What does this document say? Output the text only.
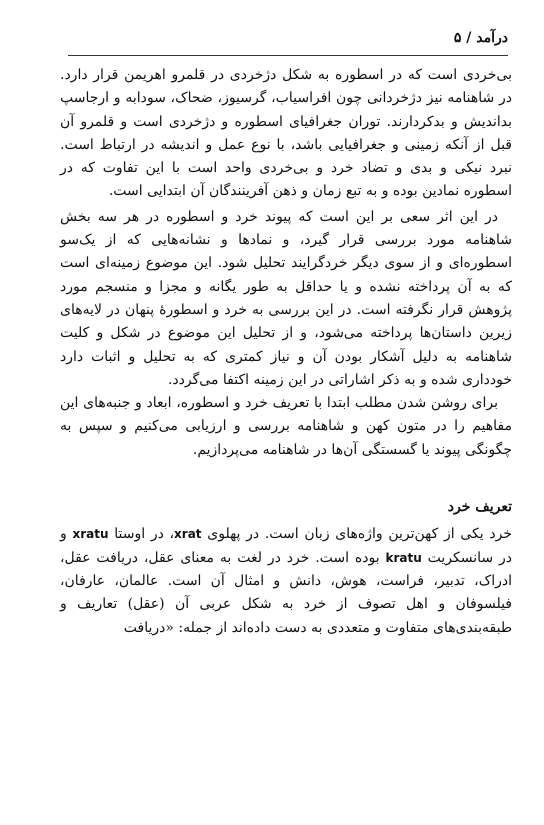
درآمد / ۵

بی‌خردی است که در اسطوره به شکل دژخردی در قلمرو اهریمن قرار دارد. در شاهنامه نیز دژخردانی چون افراسیاب، گرسیوز، ضحاک، سودابه و ارجاسپ بداندیش و بدکردارند. توران جغرافیای اسطوره و دژخردی است و قلمرو آن قبل از آنکه زمینی و جغرافیایی باشد، با نوع عمل و اندیشه در ارتباط است. نبرد نیکی و بدی و تضاد خرد و بی‌خردی واحد است با این تفاوت که در اسطوره نمادین بوده و به تبع زمان و ذهن آفرینندگان آن ابتدایی است.

در این اثر سعی بر این است که پیوند خرد و اسطوره در هر سه بخش شاهنامه مورد بررسی قرار گیرد، و نمادها و نشانه‌هایی که از یک‌سو اسطوره‌ای و از سوی دیگر خردگرایند تحلیل شود. این موضوع زمینه‌ای است که به آن پرداخته نشده و یا حداقل به طور یگانه و مجزا و منسجم مورد پژوهش قرار نگرفته است. در این بررسی به خرد و اسطورهٔ پنهان در لایه‌های زیرین داستان‌ها پرداخته می‌شود، و از تحلیل این موضوع در شکل و کلیت شاهنامه به دلیل آشکار بودن آن و نیاز کمتری که به تحلیل و اثبات دارد خودداری شده و به ذکر اشاراتی در این زمینه اکتفا می‌گردد.

برای روشن شدن مطلب ابتدا با تعریف خرد و اسطوره، ابعاد و جنبه‌های این مفاهیم را در متون کهن و شاهنامه بررسی و ارزیابی می‌کنیم و سپس به چگونگی پیوند یا گسستگی آن‌ها در شاهنامه می‌پردازیم.

تعریف خرد

خرد یکی از کهن‌ترین واژه‌های زبان است. در پهلوی xrat، در اوستا xratu و در سانسکریت kratu بوده است. خرد در لغت به معنای عقل، دریافت عقل، ادراک، تدبیر، فراست، هوش، دانش و امثال آن است. عالمان، عارفان، فیلسوفان و اهل تصوف از خرد به شکل عربی آن (عقل) تعاریف و طبقه‌بندی‌های متفاوت و متعددی به دست داده‌اند از جمله: «دریافت
